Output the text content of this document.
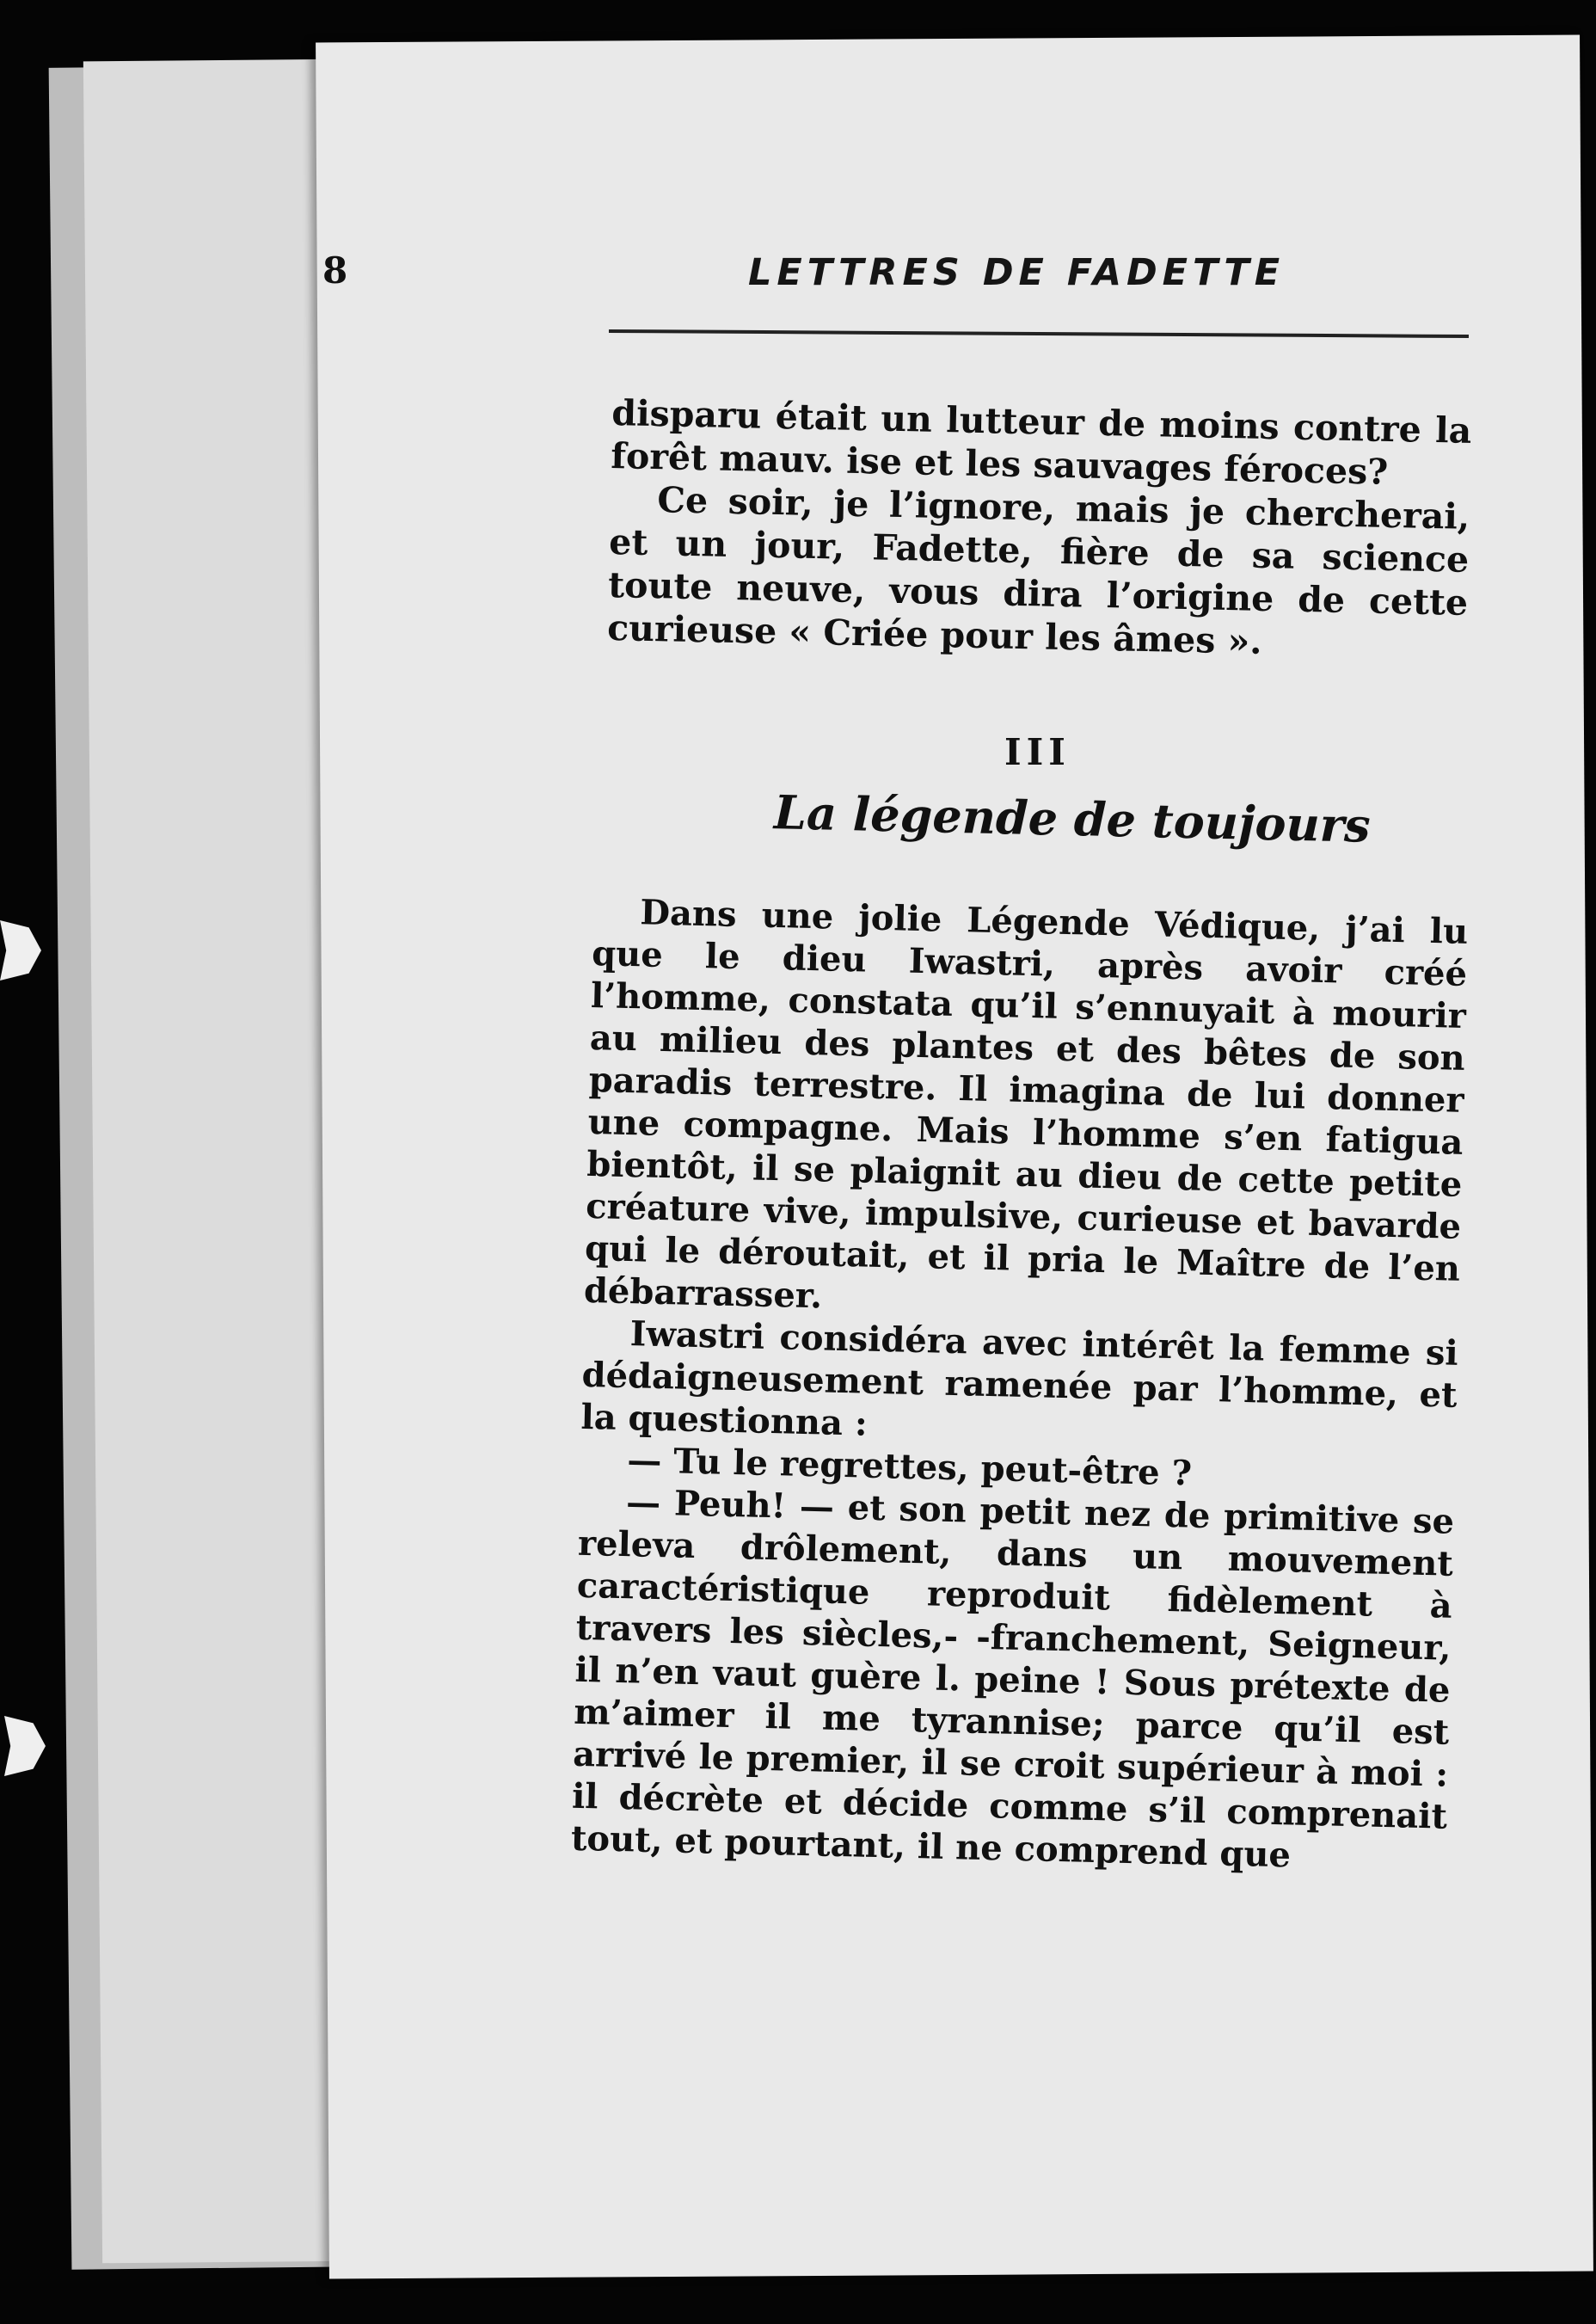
8	LETTRES DE FADETTE

disparu était un lutteur de moins contre la forêt mauv. ise et les sauvages féroces?

Ce soir, je l’ignore, mais je chercherai, et un jour, Fadette, fière de sa science toute neuve, vous dira l’origine de cette curieuse « Criée pour les âmes ».

III
La légende de toujours

Dans une jolie Légende Védique, j’ai lu que le dieu Iwastri, après avoir créé l’homme, constata qu’il s’ennuyait à mourir au milieu des plantes et des bêtes de son paradis terrestre. Il imagina de lui donner une compagne. Mais l’homme s’en fatigua bientôt, il se plaignit au dieu de cette petite créature vive, impulsive, curieuse et bavarde qui le déroutait, et il pria le Maître de l’en débarrasser.

Iwastri considéra avec intérêt la femme si dédaigneusement ramenée par l’homme, et la questionna :

— Tu le regrettes, peut-être ?

— Peuh! — et son petit nez de primitive se releva drôlement, dans un mouvement caractéristique reproduit fidèlement à travers les siècles,- -franchement, Seigneur, il n’en vaut guère l. peine ! Sous prétexte de m’aimer il me tyrannise; parce qu’il est arrivé le premier, il se croit supérieur à moi : il décrète et décide comme s’il comprenait tout, et pourtant, il ne comprend que
